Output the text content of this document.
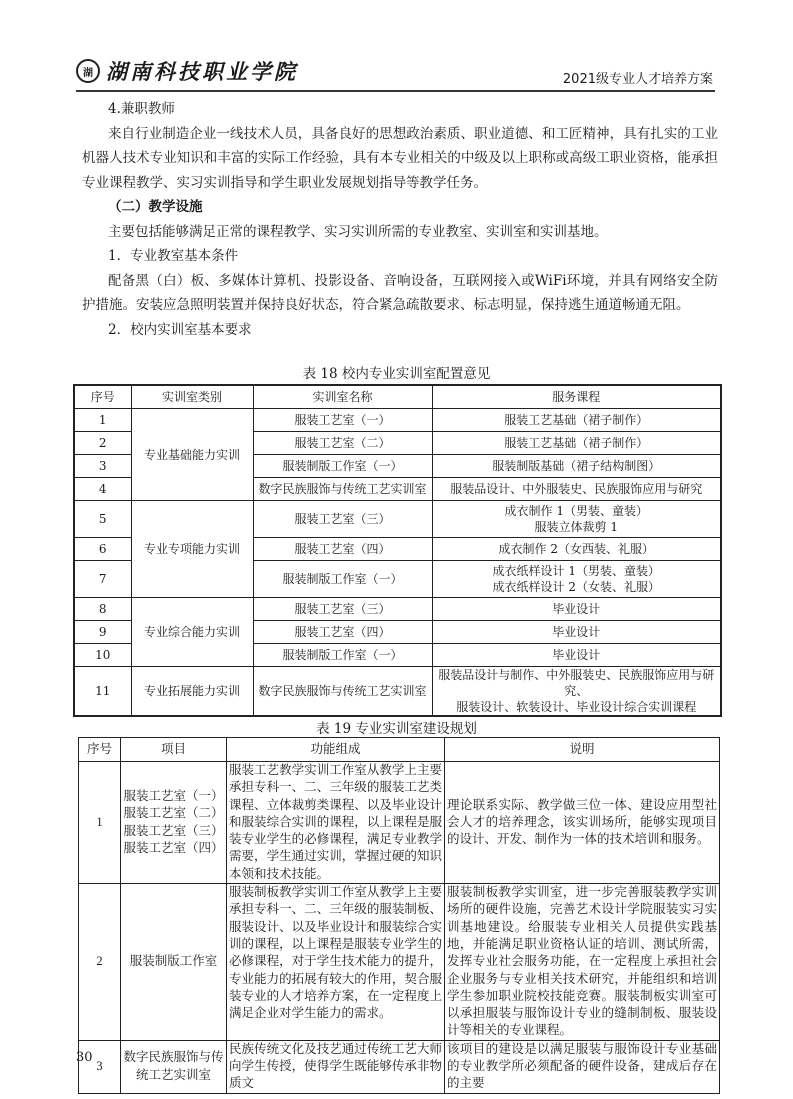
湖 湖南科技职业学院	2021级专业人才培养方案

4.兼职教师

来自行业制造企业一线技术人员，具备良好的思想政治素质、职业道德、和工匠精神，具有扎实的工业机器人技术专业知识和丰富的实际工作经验，具有本专业相关的中级及以上职称或高级工职业资格，能承担专业课程教学、实习实训指导和学生职业发展规划指导等教学任务。

（二）教学设施

主要包括能够满足正常的课程教学、实习实训所需的专业教室、实训室和实训基地。

1．专业教室基本条件

配备黑（白）板、多媒体计算机、投影设备、音响设备，互联网接入或WiFi环境，并具有网络安全防护措施。安装应急照明装置并保持良好状态，符合紧急疏散要求、标志明显，保持逃生通道畅通无阻。

2．校内实训室基本要求

表 18 校内专业实训室配置意见
序号	实训室类别	实训室名称	服务课程
1	专业基础能力实训	服装工艺室（一）	服装工艺基础（裙子制作）
2		服装工艺室（二）	服装工艺基础（裙子制作）
3		服装制版工作室（一）	服装制版基础（裙子结构制图）
4		数字民族服饰与传统工艺实训室	服装品设计、中外服装史、民族服饰应用与研究
5	专业专项能力实训	服装工艺室（三）	成衣制作 1（男装、童装）
服装立体裁剪 1
6		服装工艺室（四）	成衣制作 2（女西装、礼服）
7		服装制版工作室（一）	成衣纸样设计 1（男装、童装）
成衣纸样设计 2（女装、礼服）
8	专业综合能力实训	服装工艺室（三）	毕业设计
9		服装工艺室（四）	毕业设计
10		服装制版工作室（一）	毕业设计
11	专业拓展能力实训	数字民族服饰与传统工艺实训室	服装品设计与制作、中外服装史、民族服饰应用与研究、
服装设计、软装设计、毕业设计综合实训课程
表 19 专业实训室建设规划
序号	项目	功能组成	说明
1	服装工艺室（一）
服装工艺室（二）
服装工艺室（三）
服装工艺室（四）	服装工艺教学实训工作室从教学上主要承担专科一、二、三年级的服装工艺类课程、立体裁剪类课程、以及毕业设计和服装综合实训的课程，以上课程是服装专业学生的必修课程，满足专业教学需要，学生通过实训，掌握过硬的知识本领和技术技能。	理论联系实际、教学做三位一体、建设应用型社会人才的培养理念，该实训场所，能够实现项目的设计、开发、制作为一体的技术培训和服务。
2	服装制版工作室	服装制板教学实训工作室从教学上主要承担专科一、二、三年级的服装制板、服装设计、以及毕业设计和服装综合实训的课程，以上课程是服装专业学生的必修课程，对于学生技术能力的提升，专业能力的拓展有较大的作用，契合服装专业的人才培养方案，在一定程度上满足企业对学生能力的需求。	服装制板教学实训室，进一步完善服装教学实训场所的硬件设施，完善艺术设计学院服装实习实训基地建设。给服装专业相关人员提供实践基地，并能满足职业资格认证的培训、测试所需，发挥专业社会服务功能，在一定程度上承担社会企业服务与专业相关技术研究，并能组织和培训学生参加职业院校技能竞赛。服装制板实训室可以承担服装与服饰设计专业的缝制制板、服装设计等相关的专业课程。
3	数字民族服饰与传统工艺实训室	民族传统文化及技艺通过传统工艺大师向学生传授，使得学生既能够传承非物质文	该项目的建设是以满足服装与服饰设计专业基础的专业教学所必须配备的硬件设备，建成后存在的主要
30
